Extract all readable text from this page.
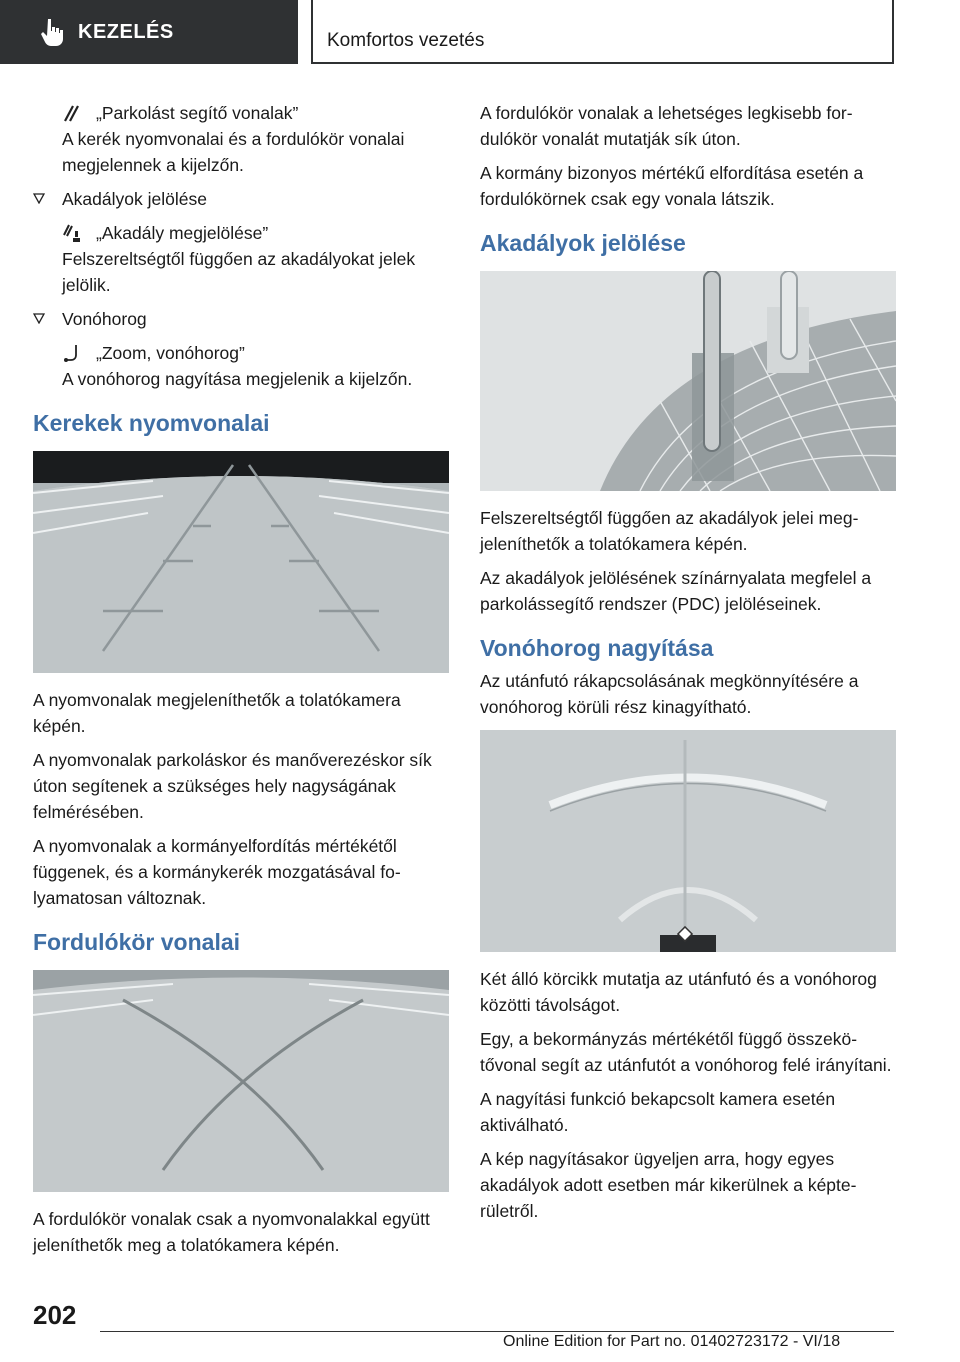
KEZELÉS	Komfortos vezetés

„Parkolást segítő vonalak”

A kerék nyomvonalai és a fordulókör vonalai megjelennek a kijelzőn.

Akadályok jelölése

„Akadály megjelölése”

Felszereltségtől függően az akadályokat jelek jelölik.

Vonóhorog

„Zoom, vonóhorog”

A vonóhorog nagyítása megjelenik a kijelzőn.

Kerekek nyomvonalai

A nyomvonalak megjeleníthetők a tolatókamera képén.

A nyomvonalak parkoláskor és manőverezéskor sík úton segítenek a szükséges hely nagyságának felmérésében.

A nyomvonalak a kormányelfordítás mértékétől függenek, és a kormánykerék mozgatásával folyamatosan változnak.

Fordulókör vonalai

A fordulókör vonalak csak a nyomvonalakkal együtt jeleníthetők meg a tolatókamera képén.

A fordulókör vonalak a lehetséges legkisebb fordulókör vonalát mutatják sík úton.

A kormány bizonyos mértékű elfordítása esetén a fordulókörnek csak egy vonala látszik.

Akadályok jelölése

Felszereltségtől függően az akadályok jelei megjeleníthetők a tolatókamera képén.

Az akadályok jelölésének színárnyalata megfelel a parkolássegítő rendszer (PDC) jelöléseinek.

Vonóhorog nagyítása

Az utánfutó rákapcsolásának megkönnyítésére a vonóhorog körüli rész kinagyítható.

Két álló körcikk mutatja az utánfutó és a vonóhorog közötti távolságot.

Egy, a bekormányzás mértékétől függő összekötővonal segít az utánfutót a vonóhorog felé irányítani.

A nagyítási funkció bekapcsolt kamera esetén aktiválható.

A kép nagyításakor ügyeljen arra, hogy egyes akadályok adott esetben már kikerülnek a képterületről.

202
Online Edition for Part no. 01402723172 - VI/18
